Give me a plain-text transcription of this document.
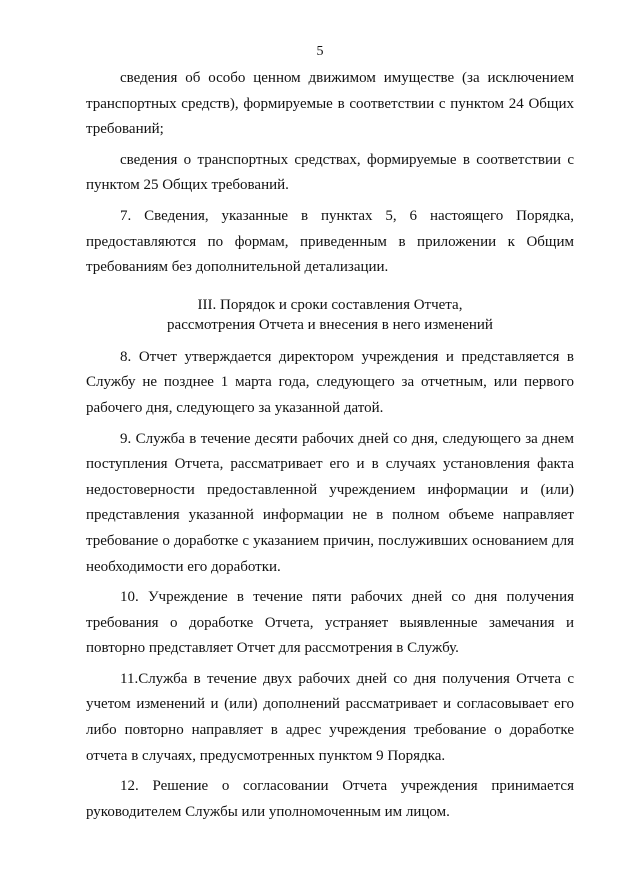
5

сведения об особо ценном движимом имуществе (за исключением транспортных средств), формируемые в соответствии с пунктом 24 Общих требований;

сведения о транспортных средствах, формируемые в соответствии с пунктом 25 Общих требований.

7. Сведения, указанные в пунктах 5, 6 настоящего Порядка, предоставляются по формам, приведенным в приложении к Общим требованиям без дополнительной детализации.

III. Порядок и сроки составления Отчета,
рассмотрения Отчета и внесения в него изменений

8. Отчет утверждается директором учреждения и представляется в Службу не позднее 1 марта года, следующего за отчетным, или первого рабочего дня, следующего за указанной датой.

9. Служба в течение десяти рабочих дней со дня, следующего за днем поступления Отчета, рассматривает его и в случаях установления факта недостоверности предоставленной учреждением информации и (или) представления указанной информации не в полном объеме направляет требование о доработке с указанием причин, послуживших основанием для необходимости его доработки.

10. Учреждение в течение пяти рабочих дней со дня получения требования о доработке Отчета, устраняет выявленные замечания и повторно представляет Отчет для рассмотрения в Службу.

11.Служба в течение двух рабочих дней со дня получения Отчета с учетом изменений и (или) дополнений рассматривает и согласовывает его либо повторно направляет в адрес учреждения требование о доработке отчета в случаях, предусмотренных пунктом 9 Порядка.

12. Решение о согласовании Отчета учреждения принимается руководителем Службы или уполномоченным им лицом.
